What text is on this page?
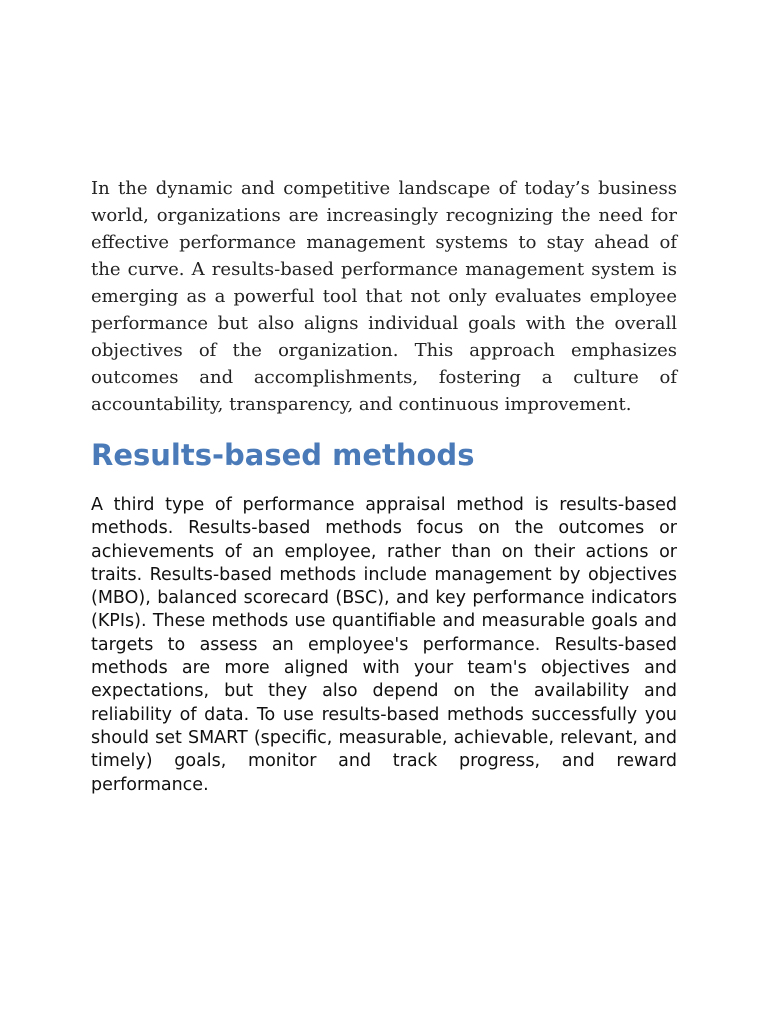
In the dynamic and competitive landscape of today’s business world, organizations are increasingly recognizing the need for effective performance management systems to stay ahead of the curve. A results-based performance management system is emerging as a powerful tool that not only evaluates employee performance but also aligns individual goals with the overall objectives of the organization. This approach emphasizes outcomes and accomplishments, fostering a culture of accountability, transparency, and continuous improvement.

Results-based methods

A third type of performance appraisal method is results-based methods. Results-based methods focus on the outcomes or achievements of an employee, rather than on their actions or traits. Results-based methods include management by objectives (MBO), balanced scorecard (BSC), and key performance indicators (KPIs). These methods use quantifiable and measurable goals and targets to assess an employee's performance. Results-based methods are more aligned with your team's objectives and expectations, but they also depend on the availability and reliability of data. To use results-based methods successfully you should set SMART (specific, measurable, achievable, relevant, and timely) goals, monitor and track progress, and reward performance.
